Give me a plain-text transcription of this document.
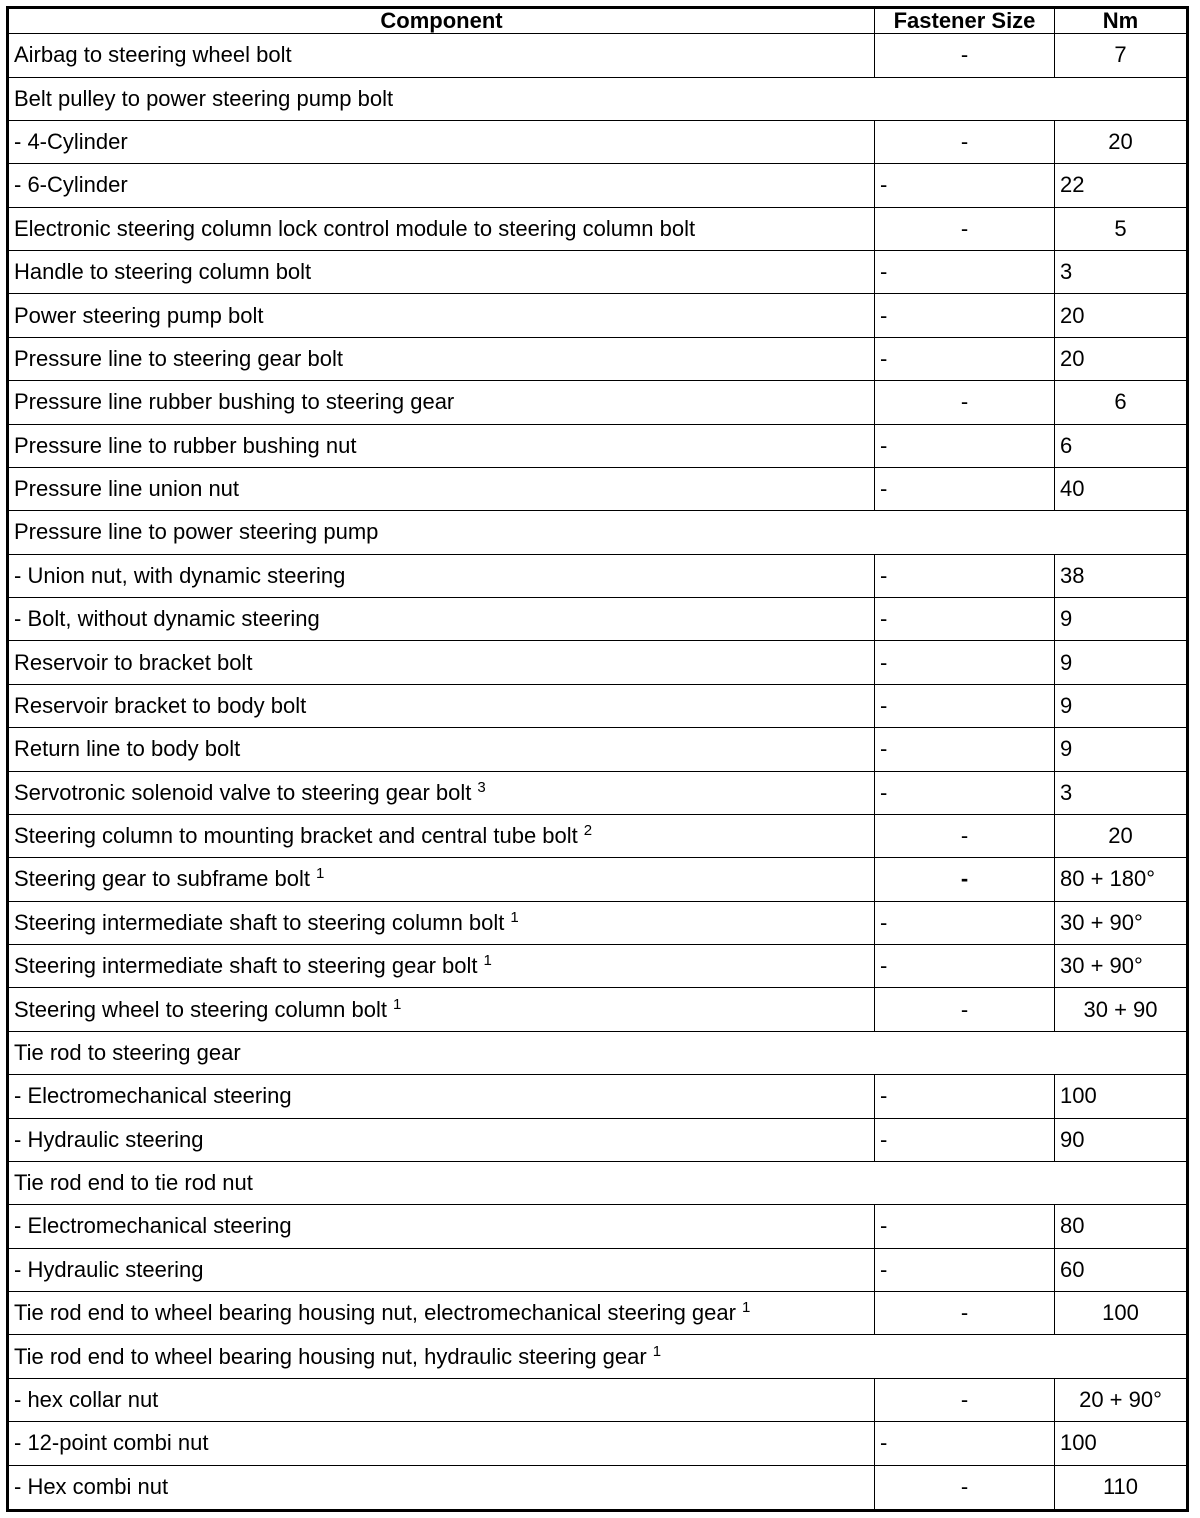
Component	Fastener Size	Nm
Airbag to steering wheel bolt	-	7
Belt pulley to power steering pump bolt		
- 4-Cylinder	-	20
- 6-Cylinder	-	22
Electronic steering column lock control module to steering column bolt	-	5
Handle to steering column bolt	-	3
Power steering pump bolt	-	20
Pressure line to steering gear bolt	-	20
Pressure line rubber bushing to steering gear	-	6
Pressure line to rubber bushing nut	-	6
Pressure line union nut	-	40
Pressure line to power steering pump		
- Union nut, with dynamic steering	-	38
- Bolt, without dynamic steering	-	9
Reservoir to bracket bolt	-	9
Reservoir bracket to body bolt	-	9
Return line to body bolt	-	9
Servotronic solenoid valve to steering gear bolt $^3$	-	3
Steering column to mounting bracket and central tube bolt $^2$	-	20
Steering gear to subframe bolt $^1$	-	80 + 180°
Steering intermediate shaft to steering column bolt $^1$	-	30 + 90°
Steering intermediate shaft to steering gear bolt $^1$	-	30 + 90°
Steering wheel to steering column bolt $^1$	-	30 + 90
Tie rod to steering gear		
- Electromechanical steering	-	100
- Hydraulic steering	-	90
Tie rod end to tie rod nut		
- Electromechanical steering	-	80
- Hydraulic steering	-	60
Tie rod end to wheel bearing housing nut, electromechanical steering gear $^1$	-	100
Tie rod end to wheel bearing housing nut, hydraulic steering gear $^1$
- hex collar nut	-	20 + 90°
- 12-point combi nut	-	100
- Hex combi nut	-	110
